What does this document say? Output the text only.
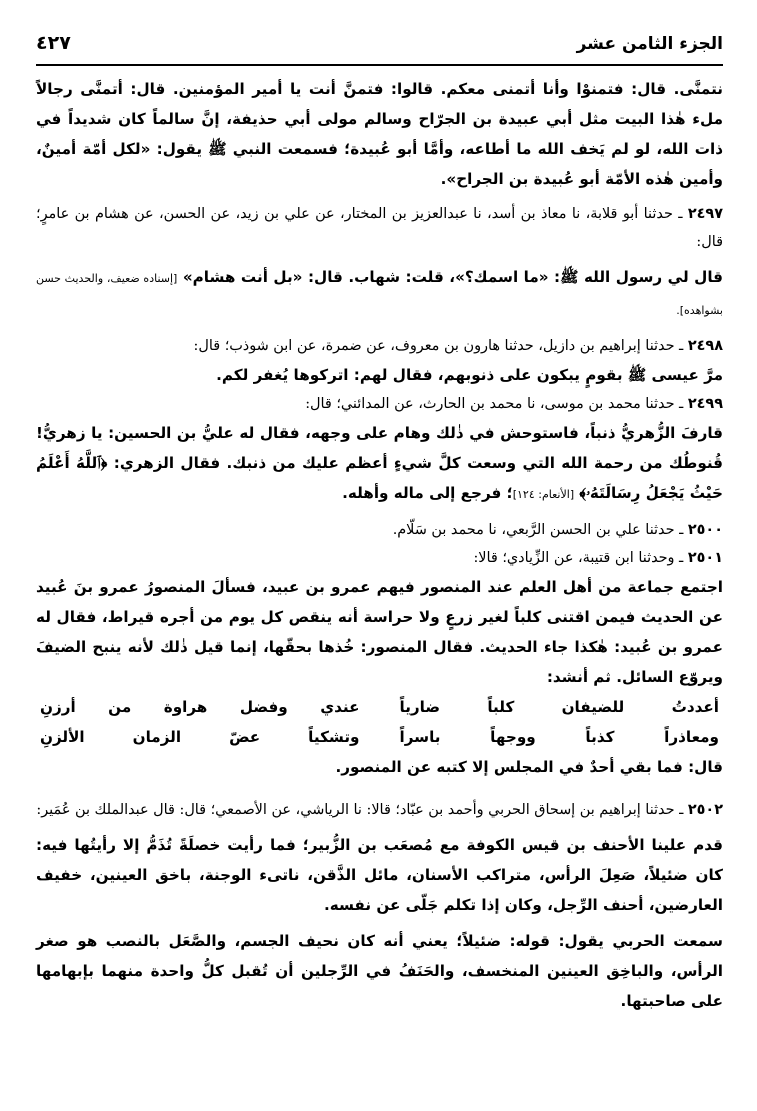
الجزء الثامن عشر
٤٢٧

نتمنَّى. قال: فتمنوْا وأنا أتمنى معكم. قالوا: فتمنَّ أنت يا أمير المؤمنين. قال: أتمنَّى رجالاً ملء هٰذا البيت مثل أبي عبيدة بن الجرّاح وسالم مولى أبي حذيفة، إنَّ سالماً كان شديداً في ذات الله، لو لم يَخف الله ما أطاعه، وأمَّا أبو عُبيدة؛ فسمعت النبي ﷺ يقول: «لكل أمّة أمينٌ، وأمين هٰذه الأمّة أبو عُبيدة بن الجراح».

٢٤٩٧ ـ حدثنا أبو قلابة، نا معاذ بن أسد، نا عبدالعزيز بن المختار، عن علي بن زيد، عن الحسن، عن هشام بن عامرٍ؛ قال:

قال لي رسول الله ﷺ: «ما اسمك؟»، قلت: شهاب. قال: «بل أنت هشام» [إسناده ضعيف، والحديث حسن بشواهده].

٢٤٩٨ ـ حدثنا إبراهيم بن دازيل، حدثنا هارون بن معروف، عن ضمرة، عن ابن شوذب؛ قال:

مرَّ عيسى ﷺ بقومٍ يبكون على ذنوبهم، فقال لهم: اتركوها يُغفر لكم.

٢٤٩٩ ـ حدثنا محمد بن موسى، نا محمد بن الحارث، عن المدائني؛ قال:

قارفَ الزُّهريُّ ذنباً، فاستوحش في ذٰلك وهام على وجهه، فقال له عليُّ بن الحسين: يا زهريُّ! قُنوطُك من رحمة الله التي وسعت كلَّ شيءٍ أعظم عليك من ذنبك. فقال الزهري: ﴿ٱللَّهُ أَعْلَمُ حَيْثُ يَجْعَلُ رِسَالَتَهُۥ﴾ [الأنعام: ١٢٤]؛ فرجع إلى ماله وأهله.

٢٥٠٠ ـ حدثنا علي بن الحسن الرَّبعي، نا محمد بن سَلّام.

٢٥٠١ ـ وحدثنا ابن قتيبة، عن الزِّيادي؛ قالا:

اجتمع جماعة من أهل العلم عند المنصور فيهم عمرو بن عبيد، فسألَ المنصورُ عمرو بنَ عُبيد عن الحديث فيمن اقتنى كلباً لغير زرعٍ ولا حراسة أنه ينقص كل يوم من أجره قيراط، فقال له عمرو بن عُبيد: هٰكذا جاء الحديث. فقال المنصور: خُذها بحقّها، إنما قيل ذٰلك لأنه ينبح الضيفَ ويروّع السائل. ثم أنشد:

أعددتُ للضيفان كلباً ضارياً
عندي وفضل هراوة من أرزنِ
ومعاذراً كذباً ووجهاً باسراً
وتشكياً عضّ الزمان الألزنِ

قال: فما بقي أحدٌ في المجلس إلا كتبه عن المنصور.

٢٥٠٢ ـ حدثنا إبراهيم بن إسحاق الحربي وأحمد بن عبّاد؛ قالا: نا الرياشي، عن الأصمعي؛ قال: قال عبدالملك بن عُمَير:

قدم علينا الأحنف بن قيس الكوفة مع مُصعَب بن الزُّبير؛ فما رأيت خصلَةً تُذَمُّ إلا رأيتُها فيه: كان ضئيلاً، صَعِلَ الرأس، متراكب الأسنان، مائل الذَّقن، ناتىء الوجنة، باخق العينين، خفيف العارضين، أحنف الرِّجل، وكان إذا تكلم جَلّى عن نفسه.

سمعت الحربي يقول: قوله: ضئيلاً؛ يعني أنه كان نحيف الجسم، والصَّعَل بالنصب هو صغر الرأس، والباخِق العينين المنخسف، والحَنَفُ في الرِّجلين أن تُقبل كلُّ واحدة منهما بإبهامها على صاحبتها.
